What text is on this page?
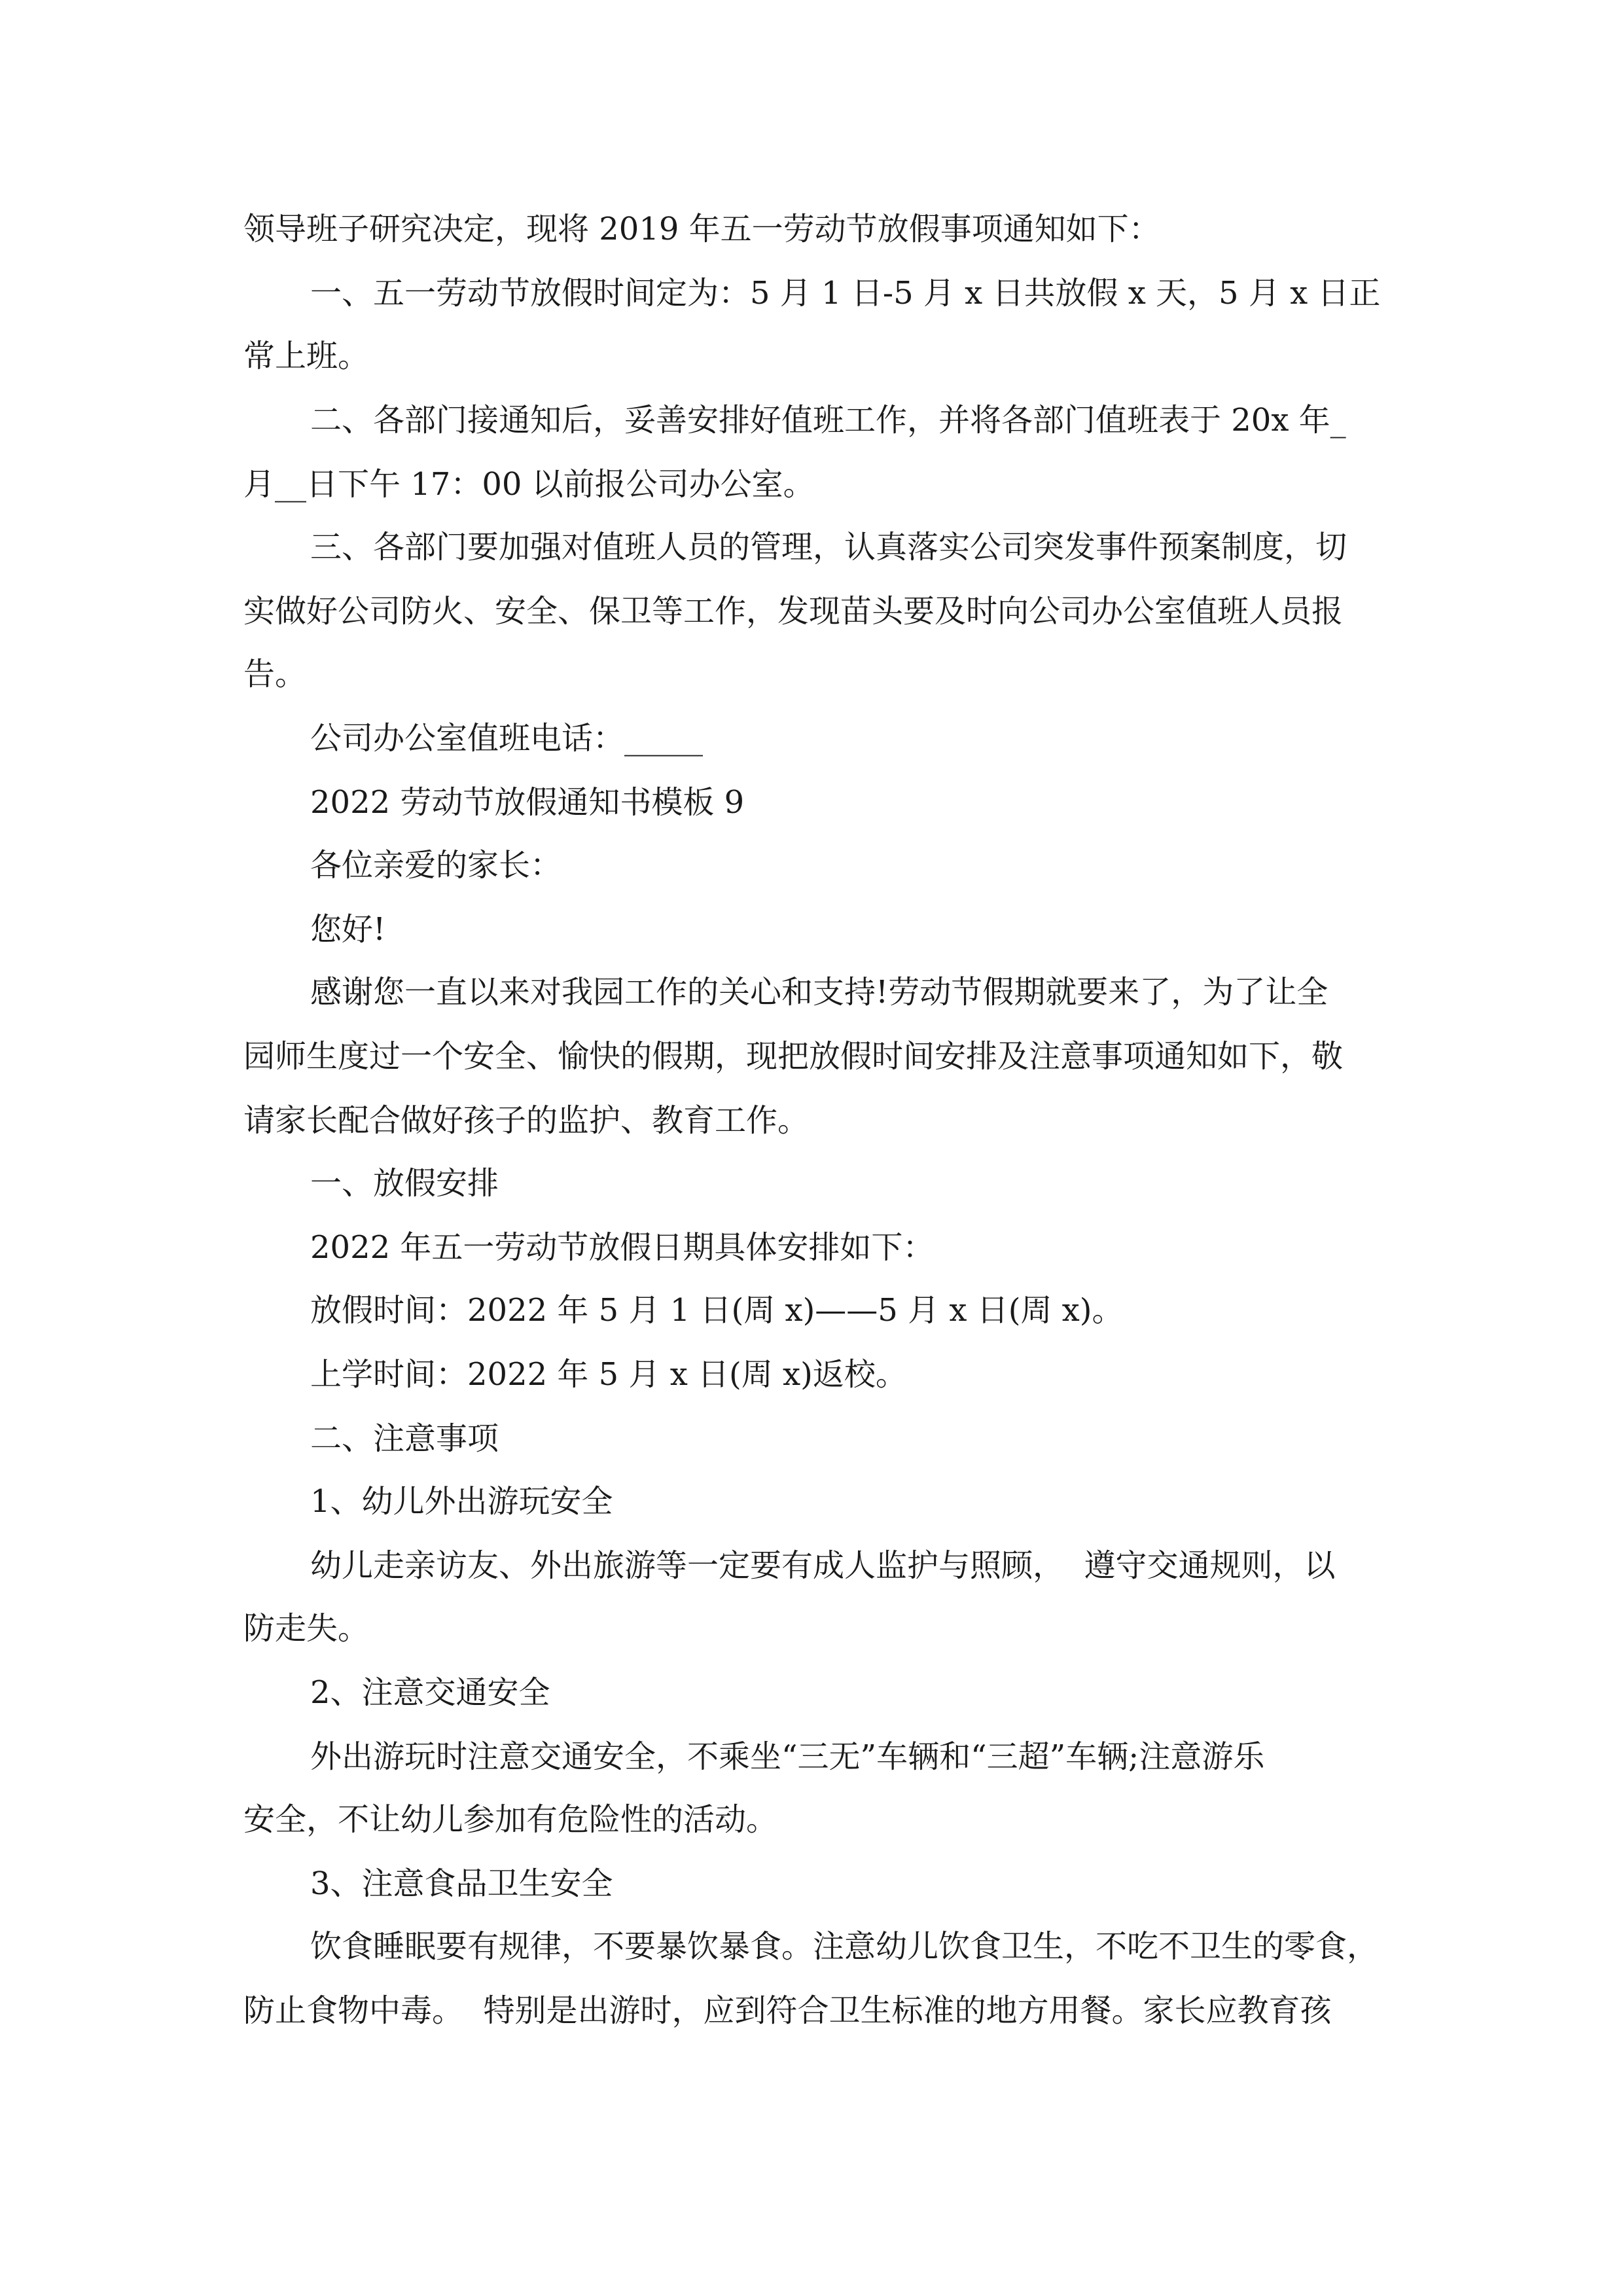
领导班子研究决定，现将 2019 年五一劳动节放假事项通知如下：
一、五一劳动节放假时间定为：5 月 1 日-5 月 x 日共放假 x 天，5 月 x 日正
常上班。
二、各部门接通知后，妥善安排好值班工作，并将各部门值班表于 20x 年_
月__日下午 17：00 以前报公司办公室。
三、各部门要加强对值班人员的管理，认真落实公司突发事件预案制度，切
实做好公司防火、安全、保卫等工作，发现苗头要及时向公司办公室值班人员报
告。
公司办公室值班电话：_____
2022 劳动节放假通知书模板 9
各位亲爱的家长：
您好!
感谢您一直以来对我园工作的关心和支持!劳动节假期就要来了，为了让全
园师生度过一个安全、愉快的假期，现把放假时间安排及注意事项通知如下，敬
请家长配合做好孩子的监护、教育工作。
一、放假安排
2022 年五一劳动节放假日期具体安排如下：
放假时间：2022 年 5 月 1 日(周 x)——5 月 x 日(周 x)。
上学时间：2022 年 5 月 x 日(周 x)返校。
二、注意事项
1、幼儿外出游玩安全
幼儿走亲访友、外出旅游等一定要有成人监护与照顾，  遵守交通规则，以
防走失。
2、注意交通安全
外出游玩时注意交通安全，不乘坐“三无”车辆和“三超”车辆;注意游乐
安全，不让幼儿参加有危险性的活动。
3、注意食品卫生安全
饮食睡眠要有规律，不要暴饮暴食。注意幼儿饮食卫生，不吃不卫生的零食，
防止食物中毒。  特别是出游时，应到符合卫生标准的地方用餐。家长应教育孩
